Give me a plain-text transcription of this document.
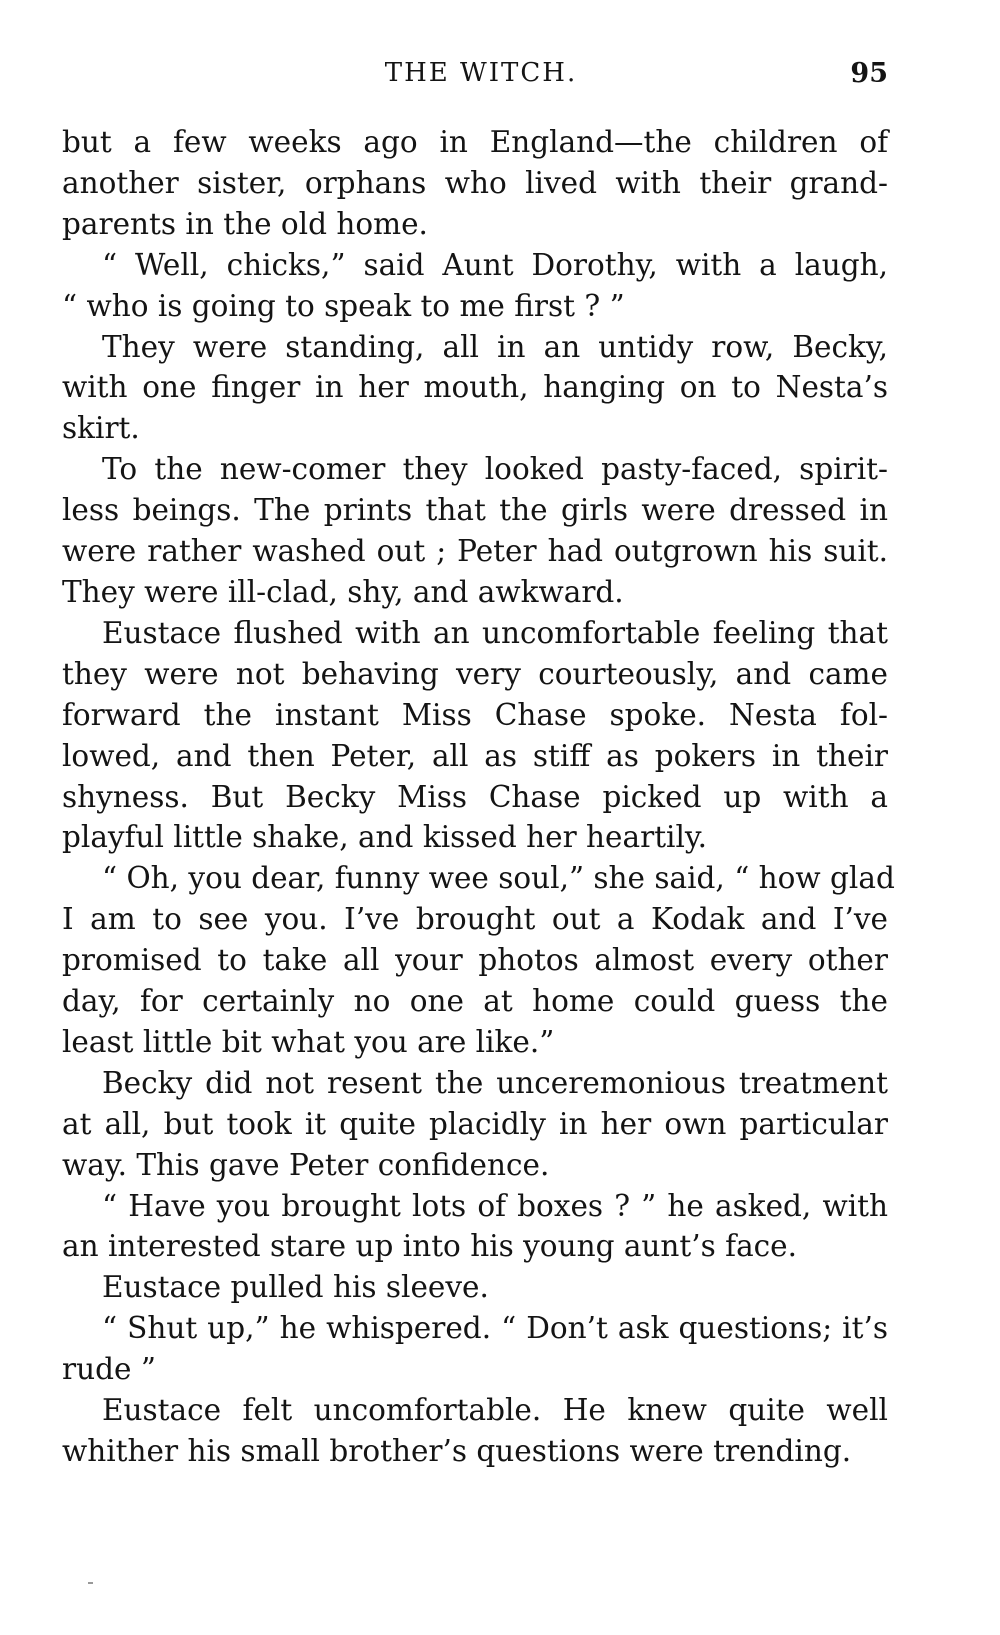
THE WITCH.	95

but a few weeks ago in England—the children of
another sister, orphans who lived with their grand-
parents in the old home.

“ Well, chicks,” said Aunt Dorothy, with a laugh,
“ who is going to speak to me first ? ”

They were standing, all in an untidy row, Becky,
with one finger in her mouth, hanging on to Nesta’s
skirt.

To the new-comer they looked pasty-faced, spirit-
less beings. The prints that the girls were dressed in
were rather washed out ; Peter had outgrown his suit.
They were ill-clad, shy, and awkward.

Eustace flushed with an uncomfortable feeling that
they were not behaving very courteously, and came
forward the instant Miss Chase spoke. Nesta fol-
lowed, and then Peter, all as stiff as pokers in their
shyness. But Becky Miss Chase picked up with a
playful little shake, and kissed her heartily.

“ Oh, you dear, funny wee soul,” she said, “ how glad
I am to see you. I’ve brought out a Kodak and I’ve
promised to take all your photos almost every other
day, for certainly no one at home could guess the
least little bit what you are like.”

Becky did not resent the unceremonious treatment
at all, but took it quite placidly in her own particular
way. This gave Peter confidence.

“ Have you brought lots of boxes ? ” he asked, with
an interested stare up into his young aunt’s face.

Eustace pulled his sleeve.

“ Shut up,” he whispered. “ Don’t ask questions; it’s
rude ”

Eustace felt uncomfortable. He knew quite well
whither his small brother’s questions were trending.
